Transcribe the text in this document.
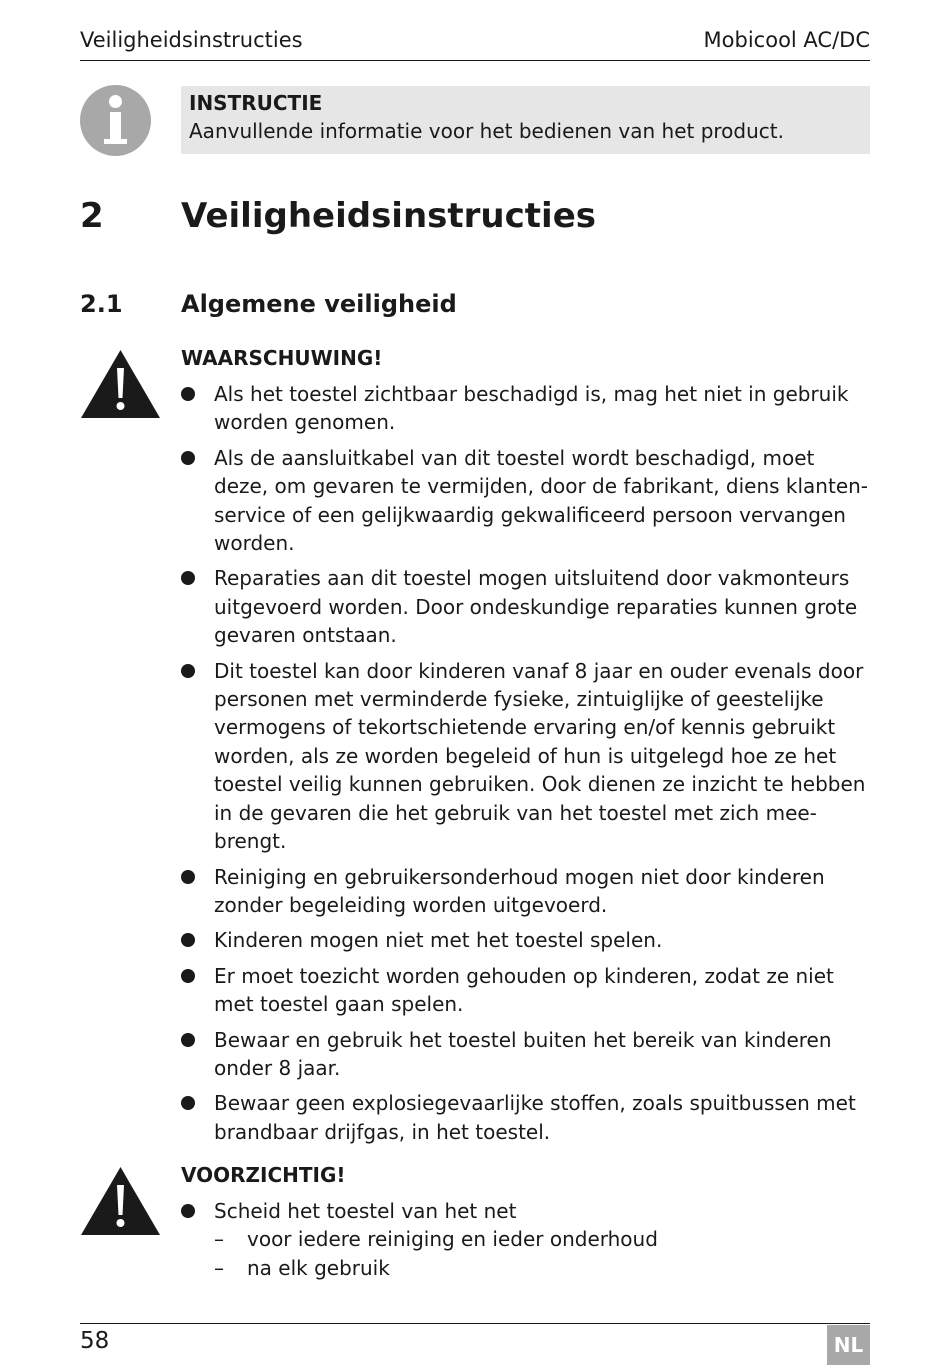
Veiligheidsinstructies	Mobicool AC/DC
INSTRUCTIE
Aanvullende informatie voor het bedienen van het product.
2 Veiligheidsinstructies
2.1 Algemene veiligheid
WAARSCHUWING!
Als het toestel zichtbaar beschadigd is, mag het niet in gebruik worden genomen.
Als de aansluitkabel van dit toestel wordt beschadigd, moet deze, om gevaren te vermijden, door de fabrikant, diens klanten-service of een gelijkwaardig gekwalificeerd persoon vervangen worden.
Reparaties aan dit toestel mogen uitsluitend door vakmonteurs uitgevoerd worden. Door ondeskundige reparaties kunnen grote gevaren ontstaan.
Dit toestel kan door kinderen vanaf 8 jaar en ouder evenals door personen met verminderde fysieke, zintuiglijke of geestelijke vermogens of tekortschietende ervaring en/of kennis gebruikt worden, als ze worden begeleid of hun is uitgelegd hoe ze het toestel veilig kunnen gebruiken. Ook dienen ze inzicht te hebben in de gevaren die het gebruik van het toestel met zich mee-brengt.
Reiniging en gebruikersonderhoud mogen niet door kinderen zonder begeleiding worden uitgevoerd.
Kinderen mogen niet met het toestel spelen.
Er moet toezicht worden gehouden op kinderen, zodat ze niet met toestel gaan spelen.
Bewaar en gebruik het toestel buiten het bereik van kinderen onder 8 jaar.
Bewaar geen explosiegevaarlijke stoffen, zoals spuitbussen met brandbaar drijfgas, in het toestel.
VOORZICHTIG!
Scheid het toestel van het net
– voor iedere reiniging en ieder onderhoud
– na elk gebruik
58	NL
